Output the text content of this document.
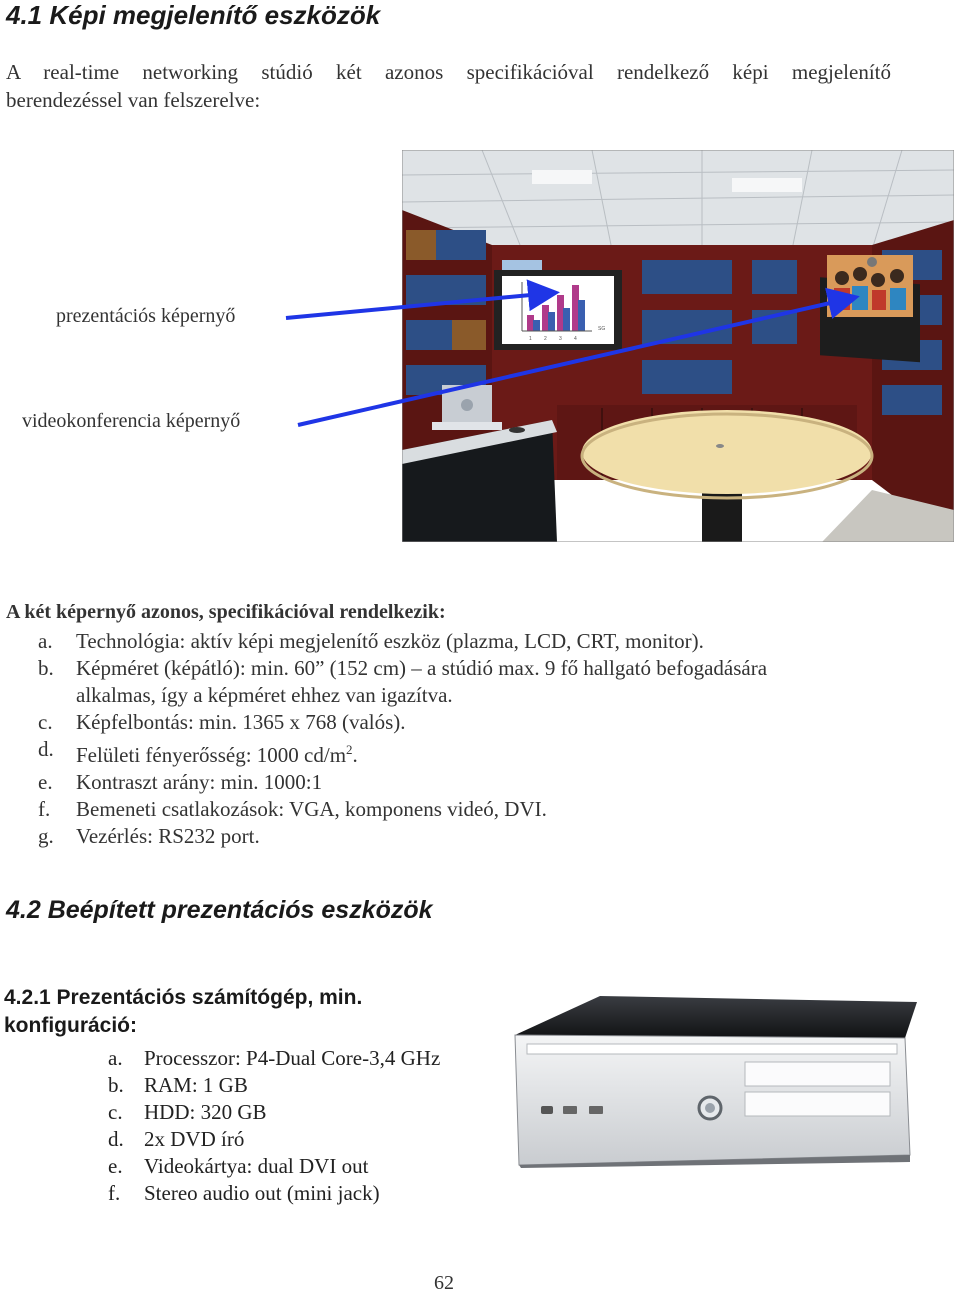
4.1 Képi megjelenítő eszközök
A real-time networking stúdió két azonos specifikációval rendelkező képi megjelenítő
berendezéssel van felszerelve:
prezentációs képernyő
videokonferencia képernyő
1 2 3 4
SG
A két képernyő azonos, specifikációval rendelkezik:
a. Technológia: aktív képi megjelenítő eszköz (plazma, LCD, CRT, monitor).
b. Képméret (képátló): min. 60” (152 cm) – a stúdió max. 9 fő hallgató befogadására
alkalmas, így a képméret ehhez van igazítva.
c. Képfelbontás: min. 1365 x 768 (valós).
d. Felületi fényerősség: 1000 $cd/m^2$.
e. Kontraszt arány: min. 1000:1
f. Bemeneti csatlakozások: VGA, komponens videó, DVI.
g. Vezérlés: RS232 port.
4.2 Beépített prezentációs eszközök
4.2.1 Prezentációs számítógép, min.
konfiguráció:
a. Processzor: P4-Dual Core-3,4 GHz
b. RAM: 1 GB
c. HDD: 320 GB
d. 2x DVD író
e. Videokártya: dual DVI out
f. Stereo audio out (mini jack)
62
